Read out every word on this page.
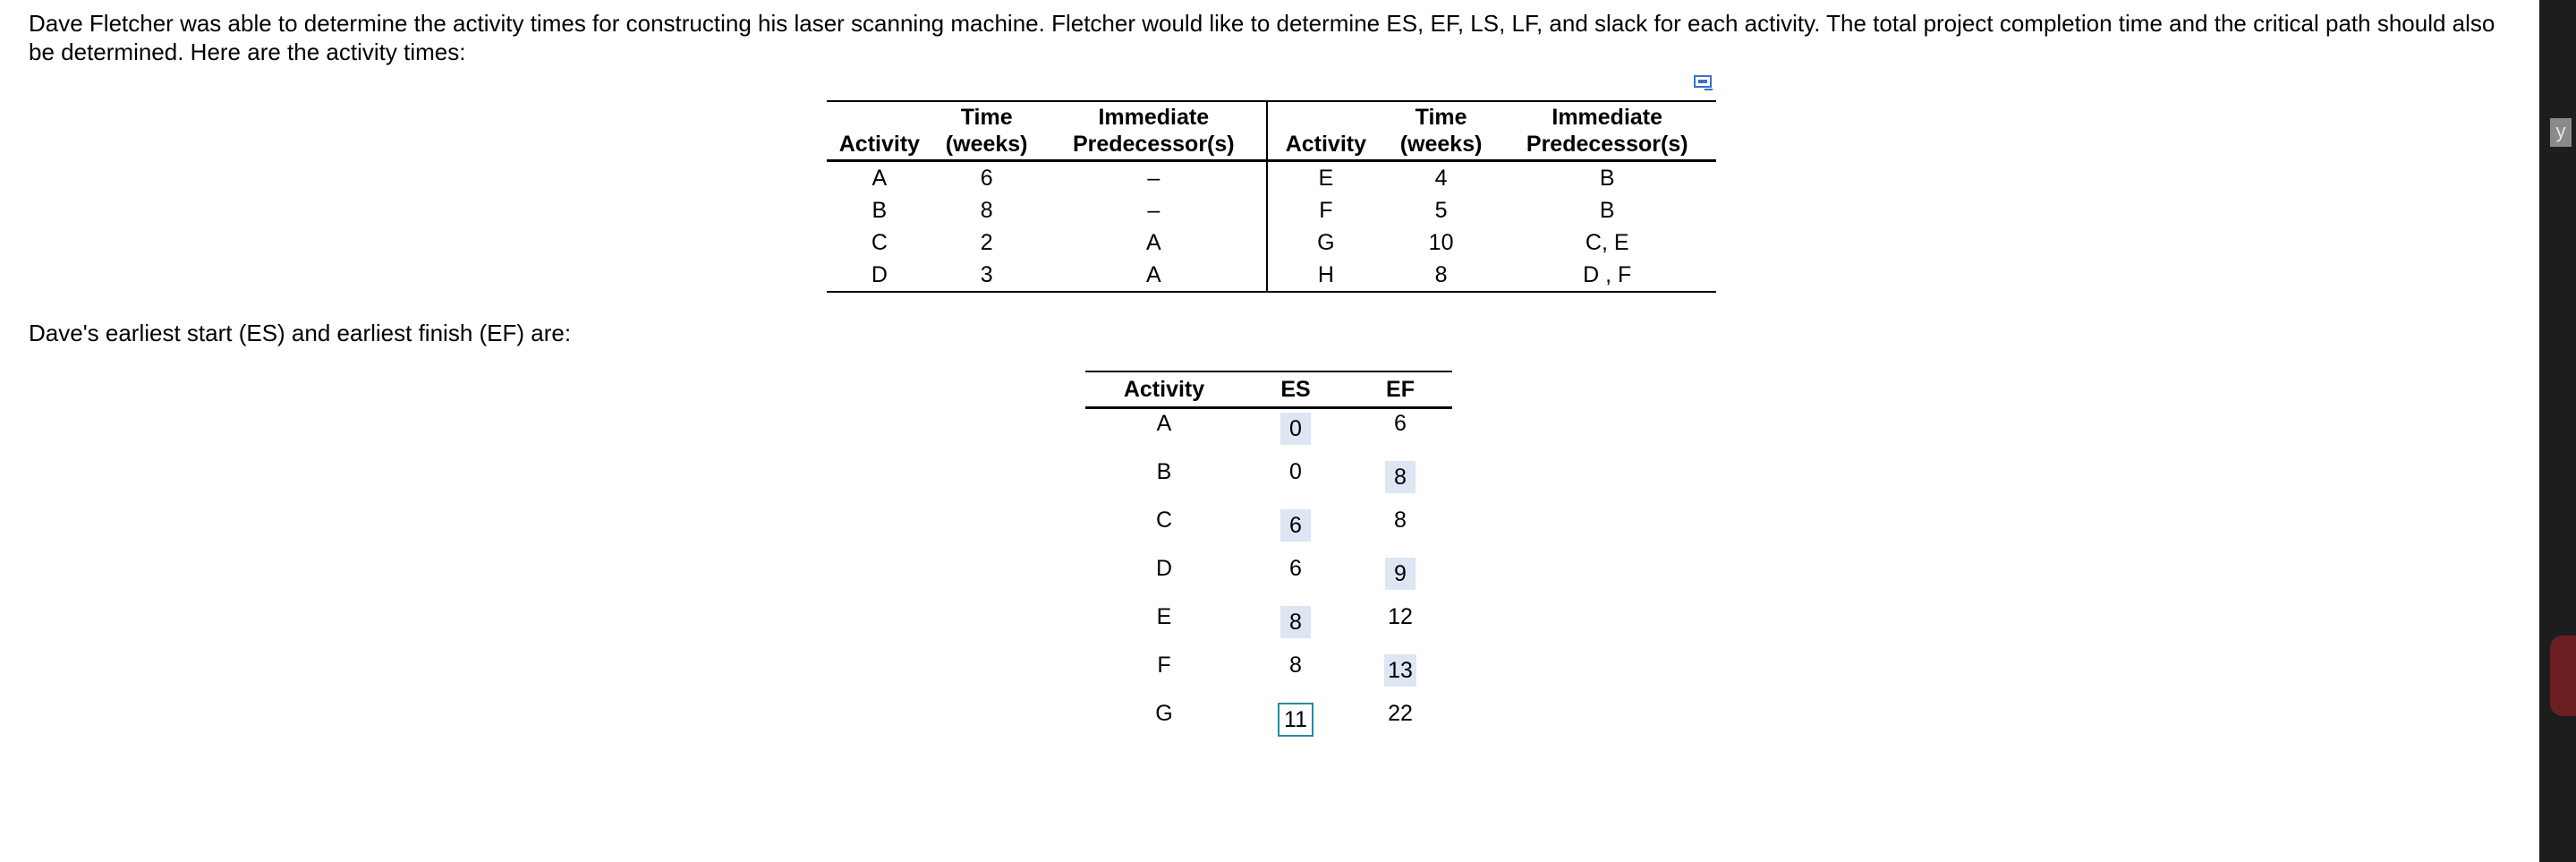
Dave Fletcher was able to determine the activity times for constructing his laser scanning machine. Fletcher would like to determine ES, EF, LS, LF, and slack for each activity. The total project completion time and the critical path should also be determined. Here are the activity times:

	Time	Immediate		Time	Immediate
Activity	(weeks)	Predecessor(s)	Activity	(weeks)	Predecessor(s)
A	6	–	E	4	B
B	8	–	F	5	B
C	2	A	G	10	C, E
D	3	A	H	8	D , F

Dave's earliest start (ES) and earliest finish (EF) are:

Activity	ES	EF
A	0	6
B	0	8
C	6	8
D	6	9
E	8	12
F	8	13
G	11	22
y
